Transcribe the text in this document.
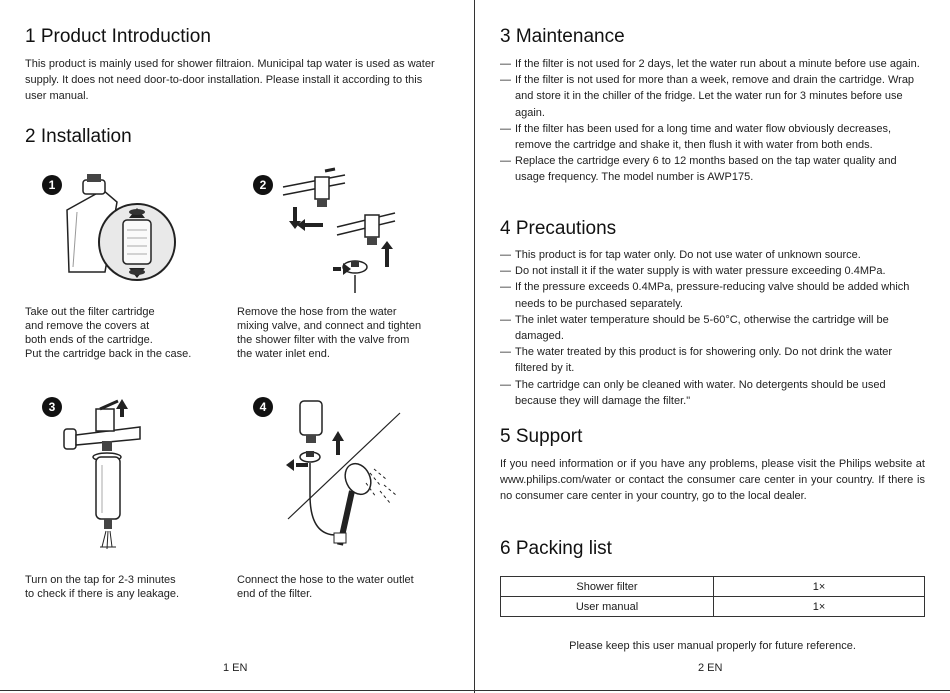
1 Product Introduction

This product is mainly used for shower filtraion. Municipal tap water is used as water supply. It does not need door-to-door installation. Please install it according to this user manual.

2 Installation
1
Take out the filter cartridge
and remove the covers at
both ends of the cartridge.
Put the cartridge back in the case.
2
Remove the hose from the water
mixing valve, and connect and tighten
the shower filter with the valve from
the water inlet end.
3
Turn on the tap for 2-3 minutes
to check if there is any leakage.
4
Connect the hose to the water outlet
end of the filter.
1 EN
3 Maintenance
— If the filter is not used for 2 days, let the water run about a minute before use again.
— If the filter is not used for more than a week, remove and drain the cartridge. Wrap and store it in the chiller of the fridge. Let the water run for 3 minutes before use again.
— If the filter has been used for a long time and water flow obviously decreases, remove the cartridge and shake it, then flush it with water from both ends.
— Replace the cartridge every 6 to 12 months based on the tap water quality and usage frequency. The model number is AWP175.
4 Precautions
— This product is for tap water only. Do not use water of unknown source.
— Do not install it if the water supply is with water pressure exceeding 0.4MPa.
— If the pressure exceeds 0.4MPa, pressure-reducing valve should be added which needs to be purchased separately.
— The inlet water temperature should be 5-60°C, otherwise the cartridge will be damaged.
— The water treated by this product is for showering only. Do not drink the water filtered by it.
— The cartridge can only be cleaned with water. No detergents should be used because they will damage the filter."
5 Support

If you need information or if you have any problems, please visit the Philips website at www.philips.com/water or contact the consumer care center in your country. If there is no consumer care center in your country, go to the local dealer.

6 Packing list
Shower filter	1×
User manual	1×
Please keep this user manual properly for future reference.
2 EN
